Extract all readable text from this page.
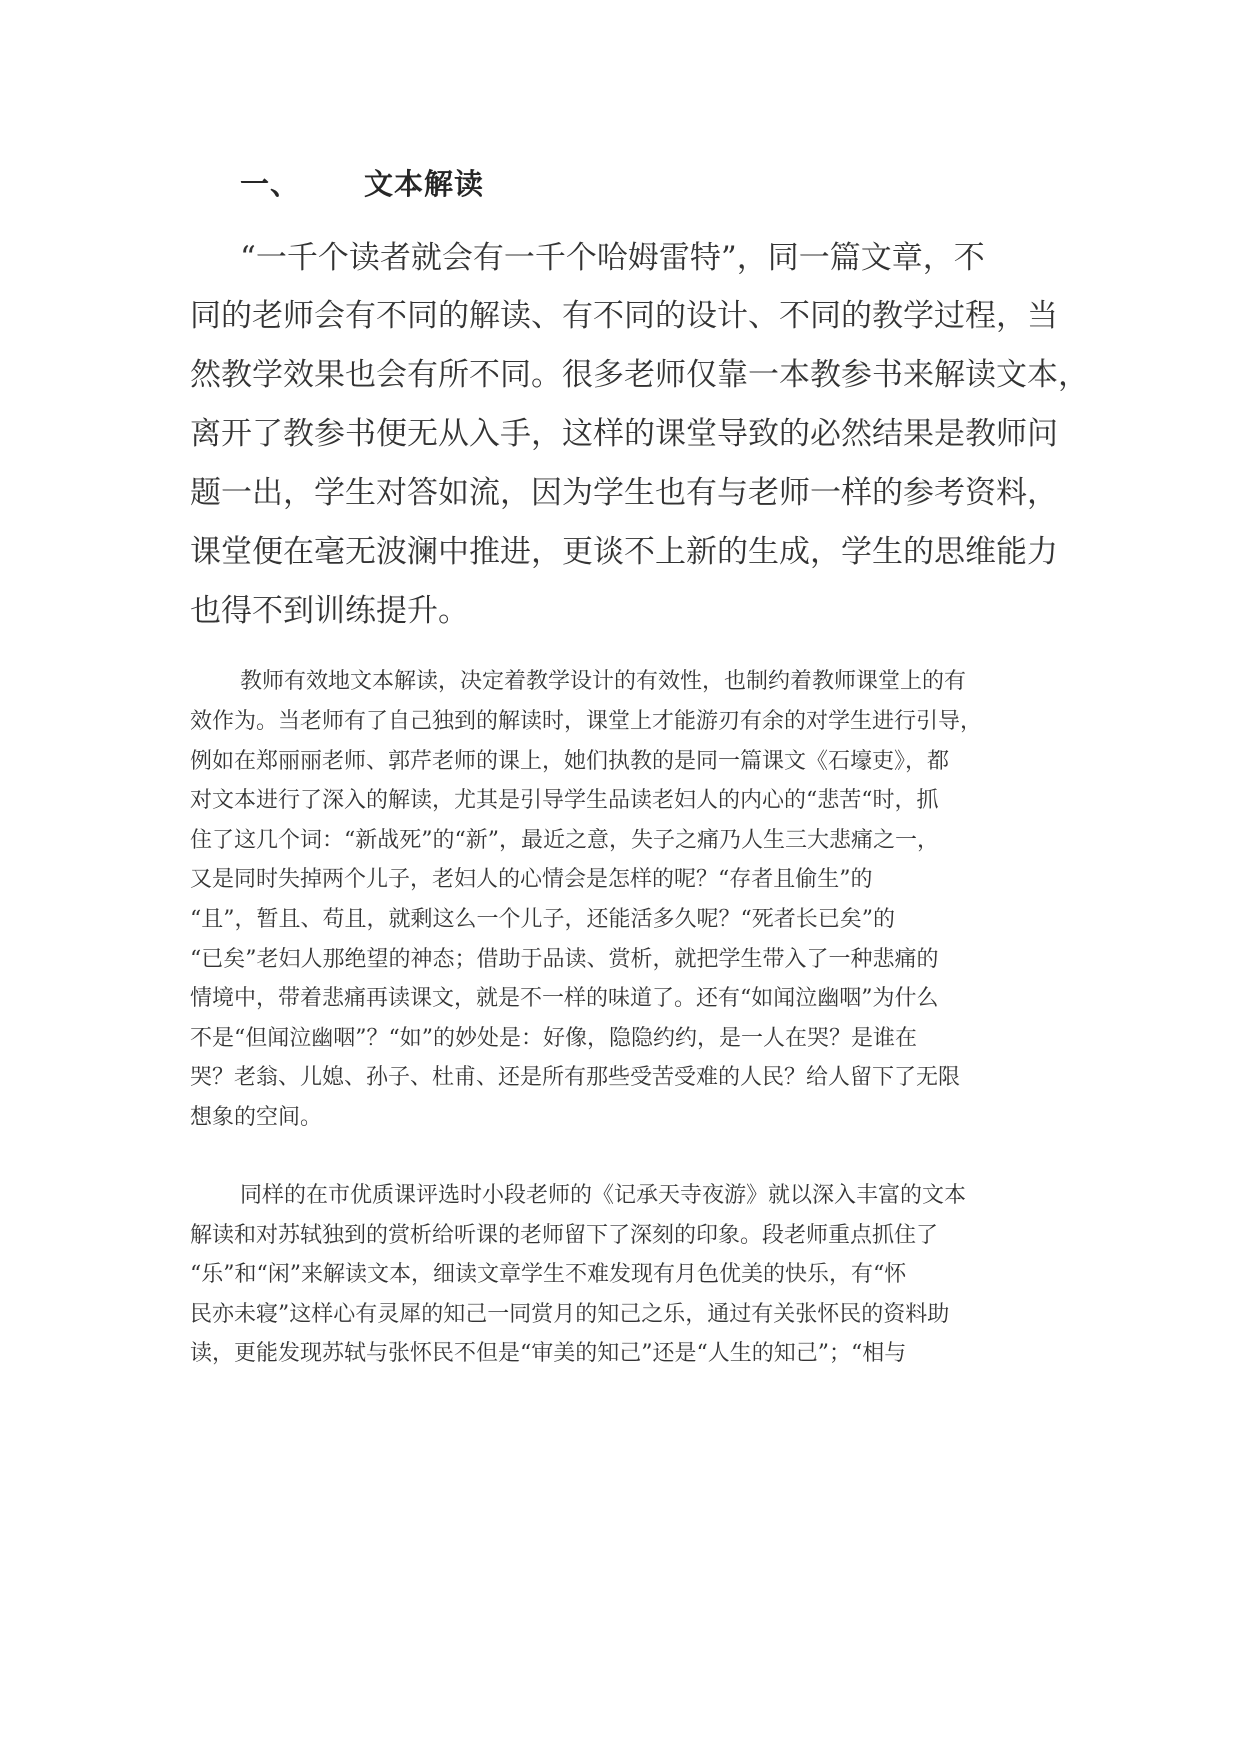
一、 文本解读
“一千个读者就会有一千个哈姆雷特”，同一篇文章，不
同的老师会有不同的解读、有不同的设计、不同的教学过程，当
然教学效果也会有所不同。很多老师仅靠一本教参书来解读文本，
离开了教参书便无从入手，这样的课堂导致的必然结果是教师问
题一出，学生对答如流，因为学生也有与老师一样的参考资料，
课堂便在毫无波澜中推进，更谈不上新的生成，学生的思维能力
也得不到训练提升。
教师有效地文本解读，决定着教学设计的有效性，也制约着教师课堂上的有
效作为。当老师有了自己独到的解读时，课堂上才能游刃有余的对学生进行引导，
例如在郑丽丽老师、郭芹老师的课上，她们执教的是同一篇课文《石壕吏》，都
对文本进行了深入的解读，尤其是引导学生品读老妇人的内心的“悲苦“时，抓
住了这几个词：“新战死”的“新”，最近之意，失子之痛乃人生三大悲痛之一，
又是同时失掉两个儿子，老妇人的心情会是怎样的呢？“存者且偷生”的
“且”，暂且、苟且，就剩这么一个儿子，还能活多久呢？“死者长已矣”的
“已矣”老妇人那绝望的神态；借助于品读、赏析，就把学生带入了一种悲痛的
情境中，带着悲痛再读课文，就是不一样的味道了。还有“如闻泣幽咽”为什么
不是“但闻泣幽咽”？“如”的妙处是：好像，隐隐约约，是一人在哭？是谁在
哭？老翁、儿媳、孙子、杜甫、还是所有那些受苦受难的人民？给人留下了无限
想象的空间。
同样的在市优质课评选时小段老师的《记承天寺夜游》就以深入丰富的文本
解读和对苏轼独到的赏析给听课的老师留下了深刻的印象。段老师重点抓住了
“乐”和“闲”来解读文本，细读文章学生不难发现有月色优美的快乐，有“怀
民亦未寝”这样心有灵犀的知己一同赏月的知己之乐，通过有关张怀民的资料助
读，更能发现苏轼与张怀民不但是“审美的知己”还是“人生的知己”；“相与
